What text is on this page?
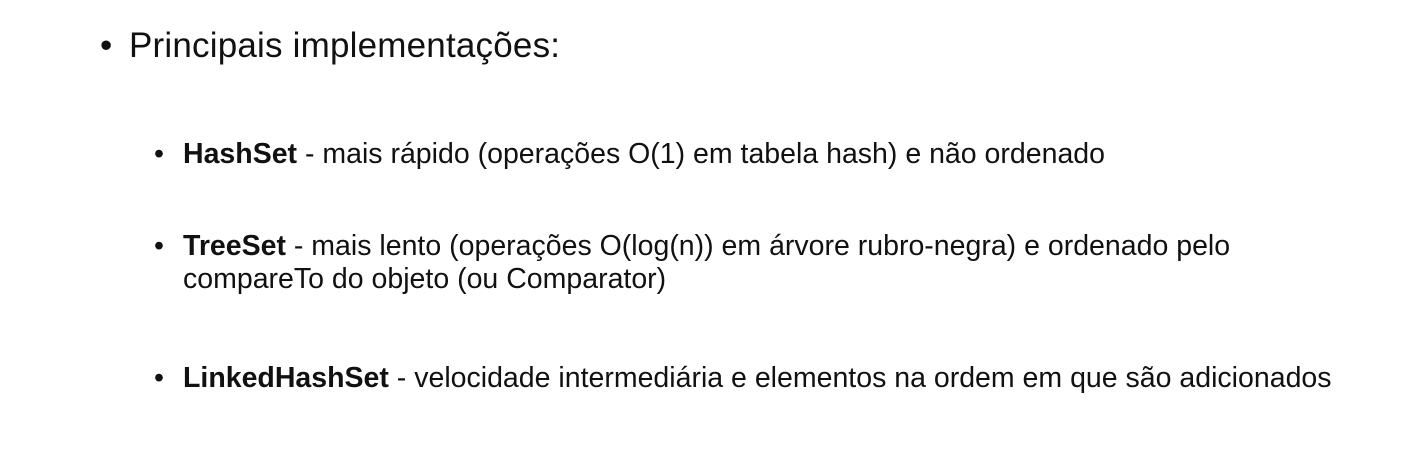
• Principais implementações:
• HashSet - mais rápido (operações O(1) em tabela hash) e não ordenado
• TreeSet - mais lento (operações O(log(n)) em árvore rubro-negra) e ordenado pelo compareTo do objeto (ou Comparator)
• LinkedHashSet - velocidade intermediária e elementos na ordem em que são adicionados
